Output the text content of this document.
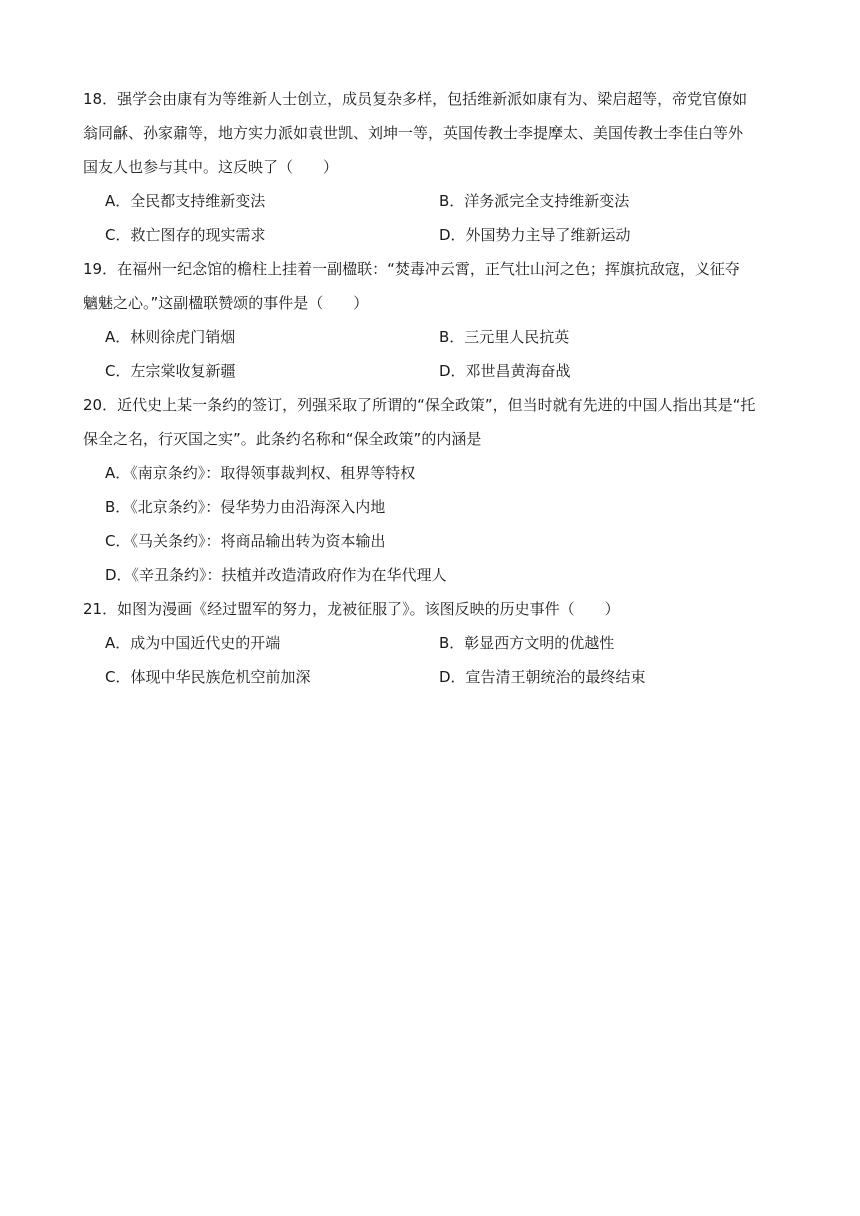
18．强学会由康有为等维新人士创立，成员复杂多样，包括维新派如康有为、梁启超等，帝党官僚如
翁同龢、孙家鼐等，地方实力派如袁世凯、刘坤一等，英国传教士李提摩太、美国传教士李佳白等外
国友人也参与其中。这反映了（　　）
A．全民都支持维新变法	B．洋务派完全支持维新变法
C．救亡图存的现实需求	D．外国势力主导了维新运动
19．在福州一纪念馆的檐柱上挂着一副楹联：“焚毒冲云霄，正气壮山河之色；挥旗抗敌寇，义征夺
魑魅之心。”这副楹联赞颂的事件是（　　）
A．林则徐虎门销烟	B．三元里人民抗英
C．左宗棠收复新疆	D．邓世昌黄海奋战
20．近代史上某一条约的签订，列强采取了所谓的“保全政策”，但当时就有先进的中国人指出其是“托
保全之名，行灭国之实”。此条约名称和“保全政策”的内涵是
A．《南京条约》：取得领事裁判权、租界等特权
B．《北京条约》：侵华势力由沿海深入内地
C．《马关条约》：将商品输出转为资本输出
D．《辛丑条约》：扶植并改造清政府作为在华代理人
21．如图为漫画《经过盟军的努力，龙被征服了》。该图反映的历史事件（　　）
A．成为中国近代史的开端	B．彰显西方文明的优越性
C．体现中华民族危机空前加深	D．宣告清王朝统治的最终结束
